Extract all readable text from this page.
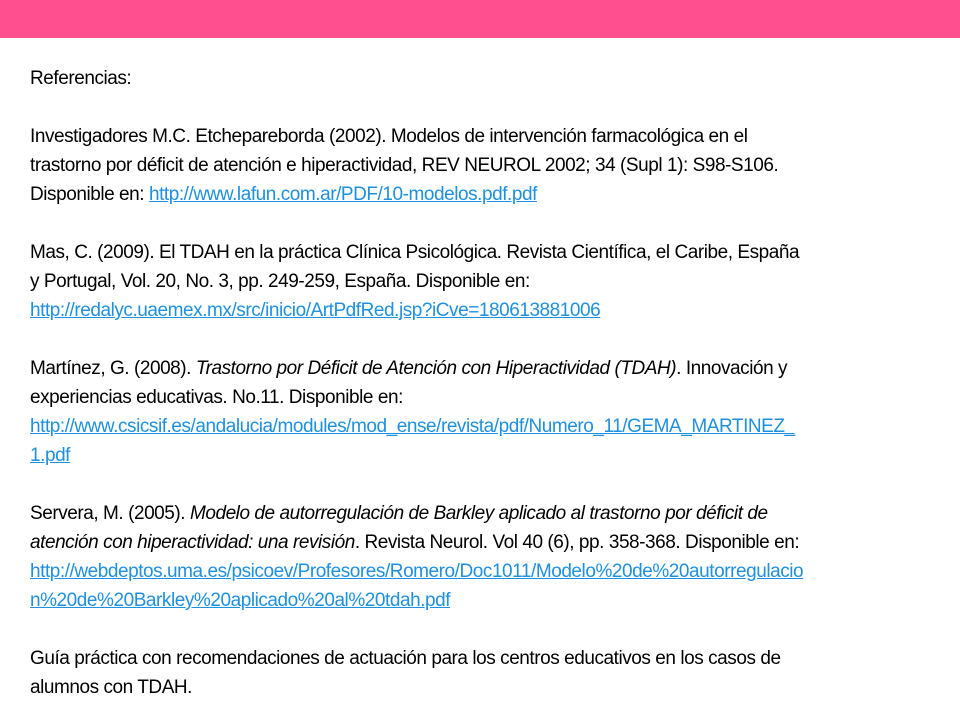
Referencias:

Investigadores M.C. Etchepareborda (2002). Modelos de intervención farmacológica en el

trastorno por déficit de atención e hiperactividad, REV NEUROL 2002; 34 (Supl 1): S98-S106.

Disponible en: http://www.lafun.com.ar/PDF/10-modelos.pdf.pdf

Mas, C. (2009). El TDAH en la práctica Clínica Psicológica. Revista Científica, el Caribe, España

y Portugal, Vol. 20, No. 3, pp. 249-259, España. Disponible en:

http://redalyc.uaemex.mx/src/inicio/ArtPdfRed.jsp?iCve=180613881006

Martínez, G. (2008). Trastorno por Déficit de Atención con Hiperactividad (TDAH). Innovación y

experiencias educativas. No.11. Disponible en:

http://www.csicsif.es/andalucia/modules/mod_ense/revista/pdf/Numero_11/GEMA_MARTINEZ_

1.pdf

Servera, M. (2005). Modelo de autorregulación de Barkley aplicado al trastorno por déficit de

atención con hiperactividad: una revisión. Revista Neurol. Vol 40 (6), pp. 358-368. Disponible en:

http://webdeptos.uma.es/psicoev/Profesores/Romero/Doc1011/Modelo%20de%20autorregulacio

n%20de%20Barkley%20aplicado%20al%20tdah.pdf

Guía práctica con recomendaciones de actuación para los centros educativos en los casos de

alumnos con TDAH.
